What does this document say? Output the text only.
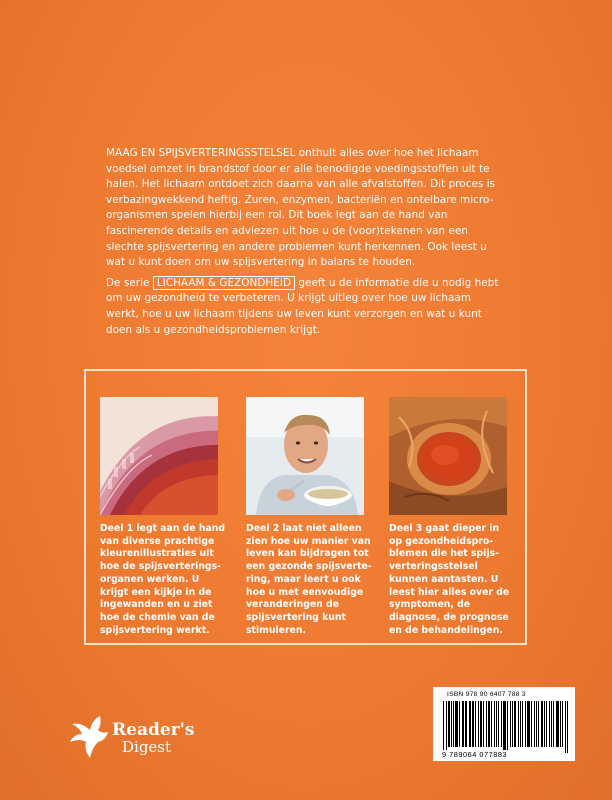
MAAG EN SPIJSVERTERINGSSTELSEL onthult alles over hoe het lichaam voedsel omzet in brandstof door er alle benodigde voedingsstoffen uit te halen. Het lichaam ontdoet zich daarna van alle afvalstoffen. Dit proces is verbazingwekkend heftig. Zuren, enzymen, bacteriën en ontelbare micro-organismen spelen hierbij een rol. Dit boek legt aan de hand van fascinerende details en adviezen uit hoe u de (voor)tekenen van een slechte spijsvertering en andere problemen kunt herkennen. Ook leest u wat u kunt doen om uw spijsvertering in balans te houden.

De serie LICHAAM & GEZONDHEID geeft u de informatie die u nodig hebt om uw gezondheid te verbeteren. U krijgt uitleg over hoe uw lichaam werkt, hoe u uw lichaam tijdens uw leven kunt verzorgen en wat u kunt doen als u gezondheidsproblemen krijgt.

Deel 1 legt aan de hand van diverse prachtige kleurenillustraties uit hoe de spijsverterings-organen werken. U krijgt een kijkje in de ingewanden en u ziet hoe de chemie van de spijsvertering werkt.
Deel 2 laat niet alleen zien hoe uw manier van leven kan bijdragen tot een gezonde spijsverte-ring, maar leert u ook hoe u met eenvoudige veranderingen de spijsvertering kunt stimuleren.
Deel 3 gaat dieper in op gezondheidspro-blemen die het spijs-verteringsstelsel kunnen aantasten. U leest hier alles over de symptomen, de diagnose, de prognose en de behandelingen.
Reader's
Digest
ISBN 978 90 6407 788 3
9 789064 077883
